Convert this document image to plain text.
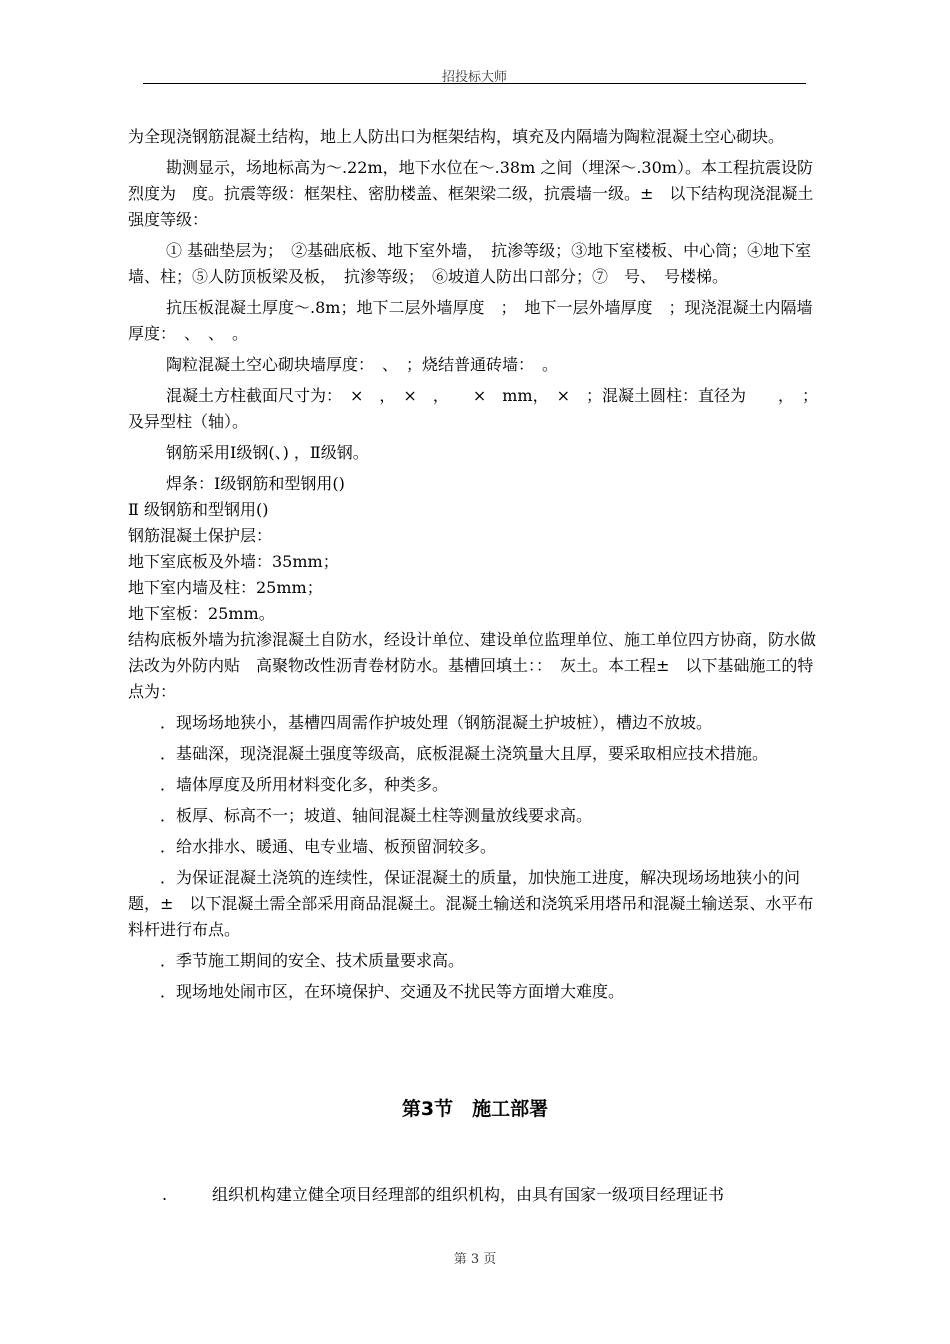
招投标大师

为全现浇钢筋混凝土结构，地上人防出口为框架结构，填充及内隔墙为陶粒混凝土空心砌块。

勘测显示，场地标高为～.22m，地下水位在～.38m 之间（埋深～.30m）。本工程抗震设防烈度为　度。抗震等级：框架柱、密肋楼盖、框架梁二级，抗震墙一级。±　以下结构现浇混凝土强度等级：

① 基础垫层为；　②基础底板、地下室外墙，　抗渗等级；③地下室楼板、中心筒；④地下室墙、柱；⑤人防顶板梁及板，　抗渗等级；　⑥坡道人防出口部分；⑦　号、　号楼梯。

抗压板混凝土厚度～.8m；地下二层外墙厚度　；　地下一层外墙厚度　；现浇混凝土内隔墙厚度：　、　、　。

陶粒混凝土空心砌块墙厚度：　、　；烧结普通砖墙：　。

混凝土方柱截面尺寸为：　×　，　×　，　　×　mm，　×　；混凝土圆柱：直径为　　，　；及异型柱（轴）。

钢筋采用Ⅰ级钢(、) ，Ⅱ级钢。

焊条：Ⅰ级钢筋和型钢用()

Ⅱ 级钢筋和型钢用()

钢筋混凝土保护层：

地下室底板及外墙：35mm；

地下室内墙及柱：25mm；

地下室板：25mm。

结构底板外墙为抗渗混凝土自防水，经设计单位、建设单位监理单位、施工单位四方协商，防水做法改为外防内贴　高聚物改性沥青卷材防水。基槽回填土：：　灰土。本工程±　以下基础施工的特点为：

．现场场地狭小，基槽四周需作护坡处理（钢筋混凝土护坡桩），槽边不放坡。

．基础深，现浇混凝土强度等级高，底板混凝土浇筑量大且厚，要采取相应技术措施。

．墙体厚度及所用材料变化多，种类多。

．板厚、标高不一；坡道、轴间混凝土柱等测量放线要求高。

．给水排水、暖通、电专业墙、板预留洞较多。

．为保证混凝土浇筑的连续性，保证混凝土的质量，加快施工进度，解决现场场地狭小的问题，±　以下混凝土需全部采用商品混凝土。混凝土输送和浇筑采用塔吊和混凝土输送泵、水平布料杆进行布点。

．季节施工期间的安全、技术质量要求高。

．现场地处闹市区，在环境保护、交通及不扰民等方面增大难度。

第3节　施工部署
.	组织机构建立健全项目经理部的组织机构，由具有国家一级项目经理证书
第 3 页
